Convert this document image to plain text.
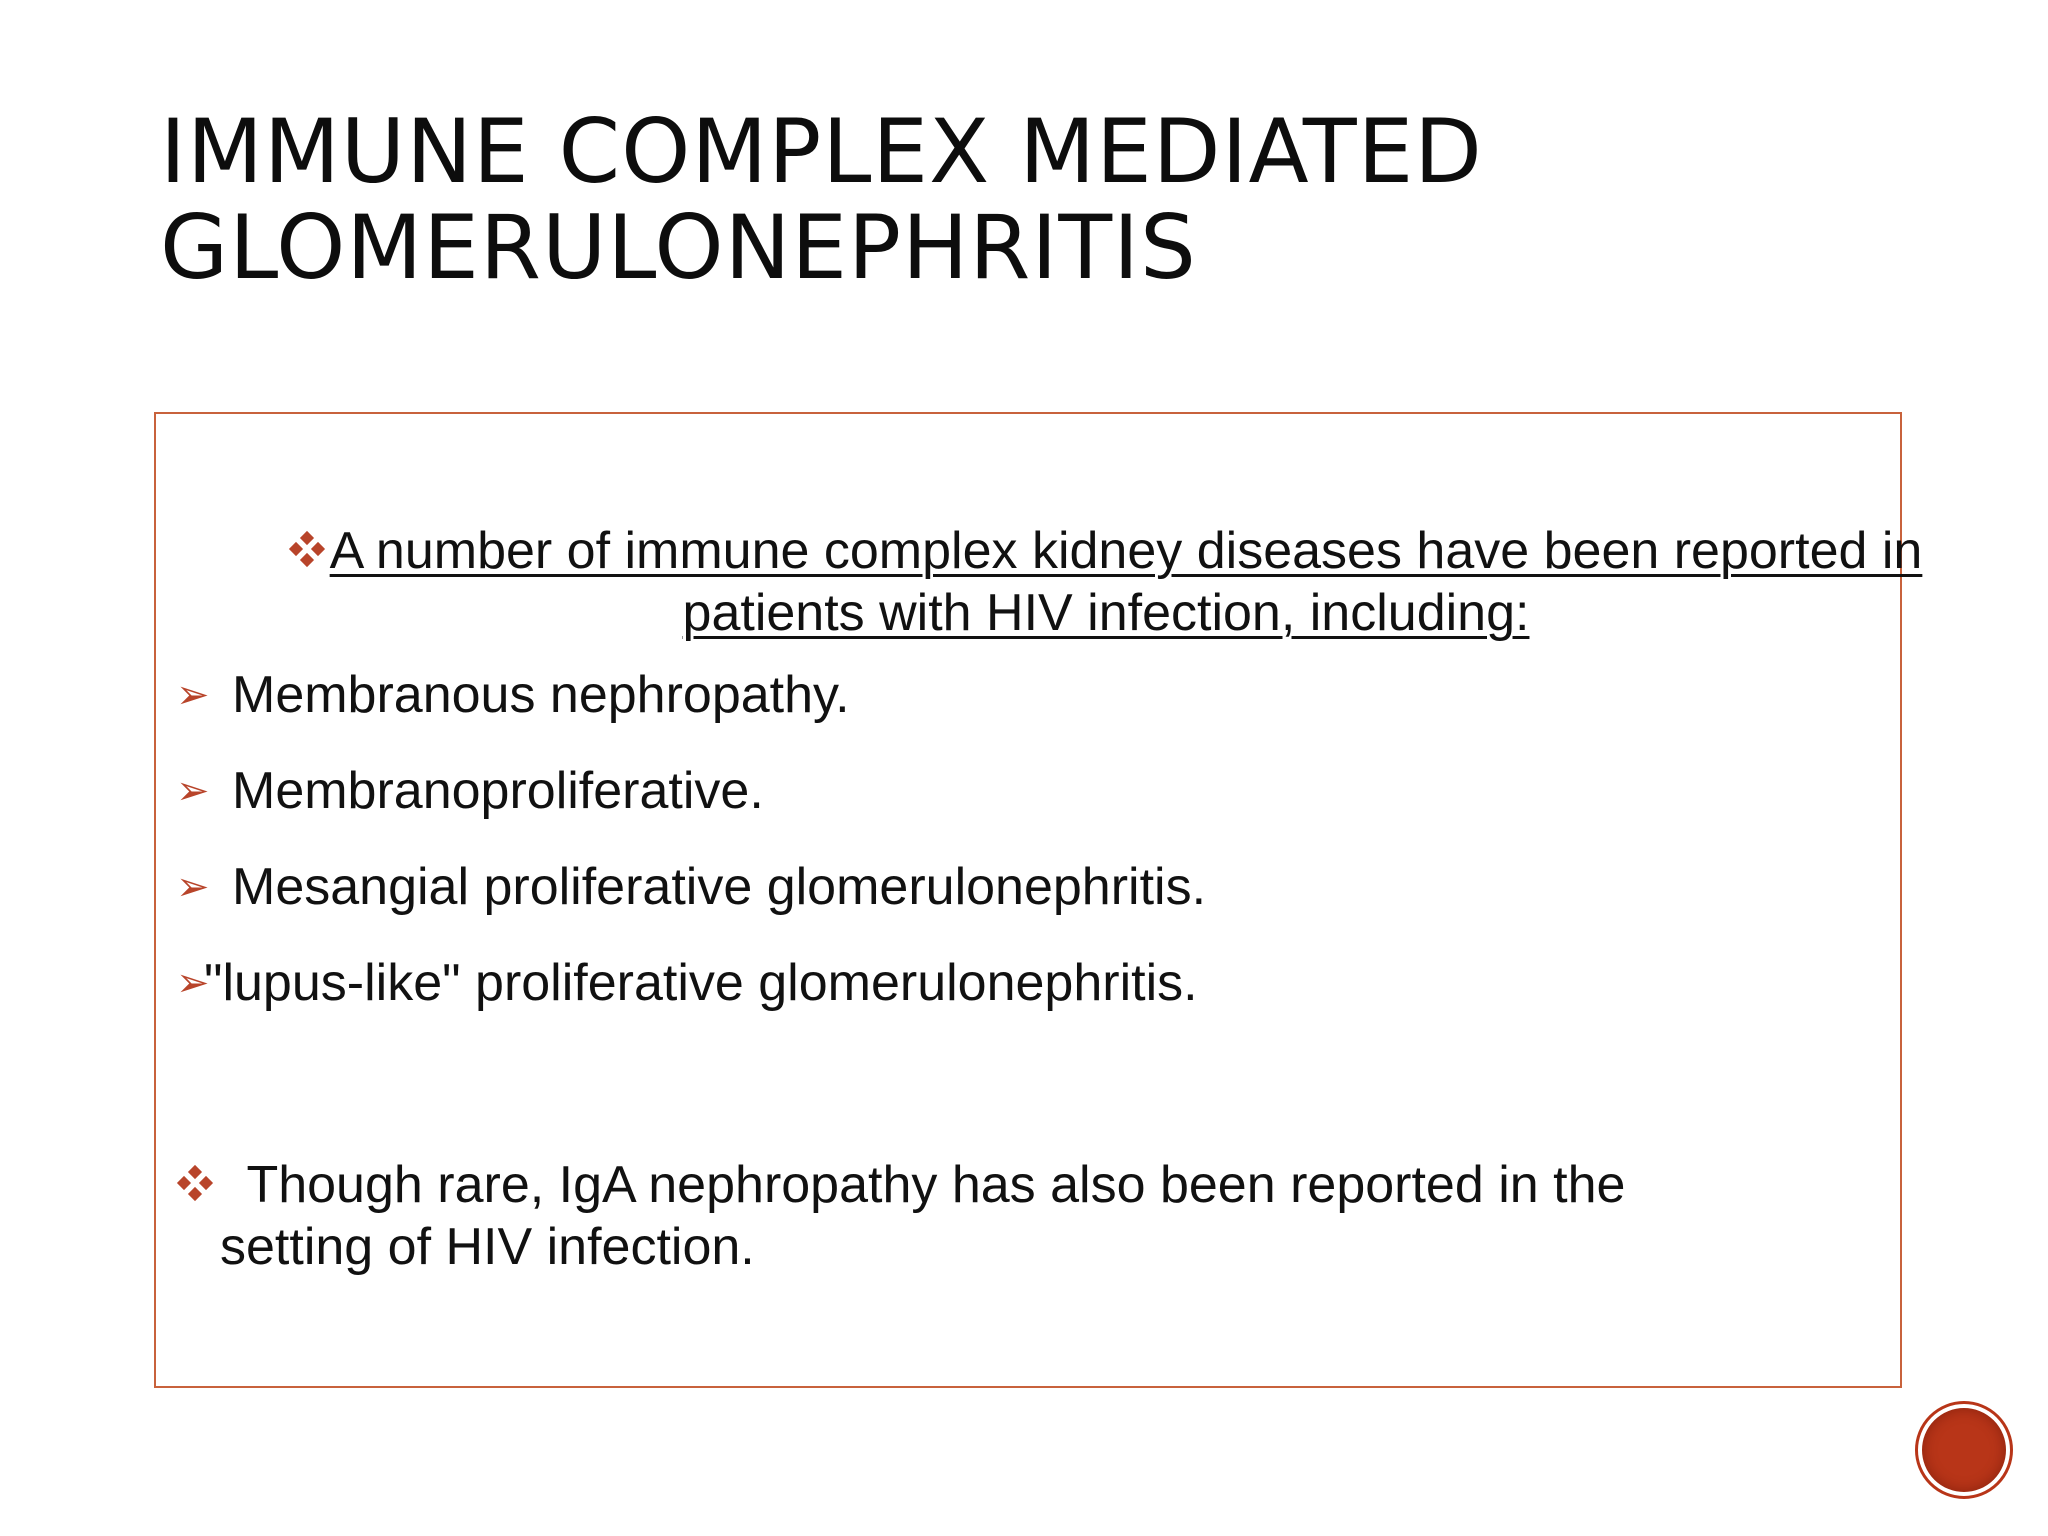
IMMUNE COMPLEX MEDIATED
GLOMERULONEPHRITIS
A number of immune complex kidney diseases have been reported in patients with HIV infection, including:
➢ Membranous nephropathy.
➢ Membranoproliferative.
➢ Mesangial proliferative glomerulonephritis.
➢"lupus-like" proliferative glomerulonephritis.
Though rare, IgA nephropathy has also been reported in the
setting of HIV infection.
